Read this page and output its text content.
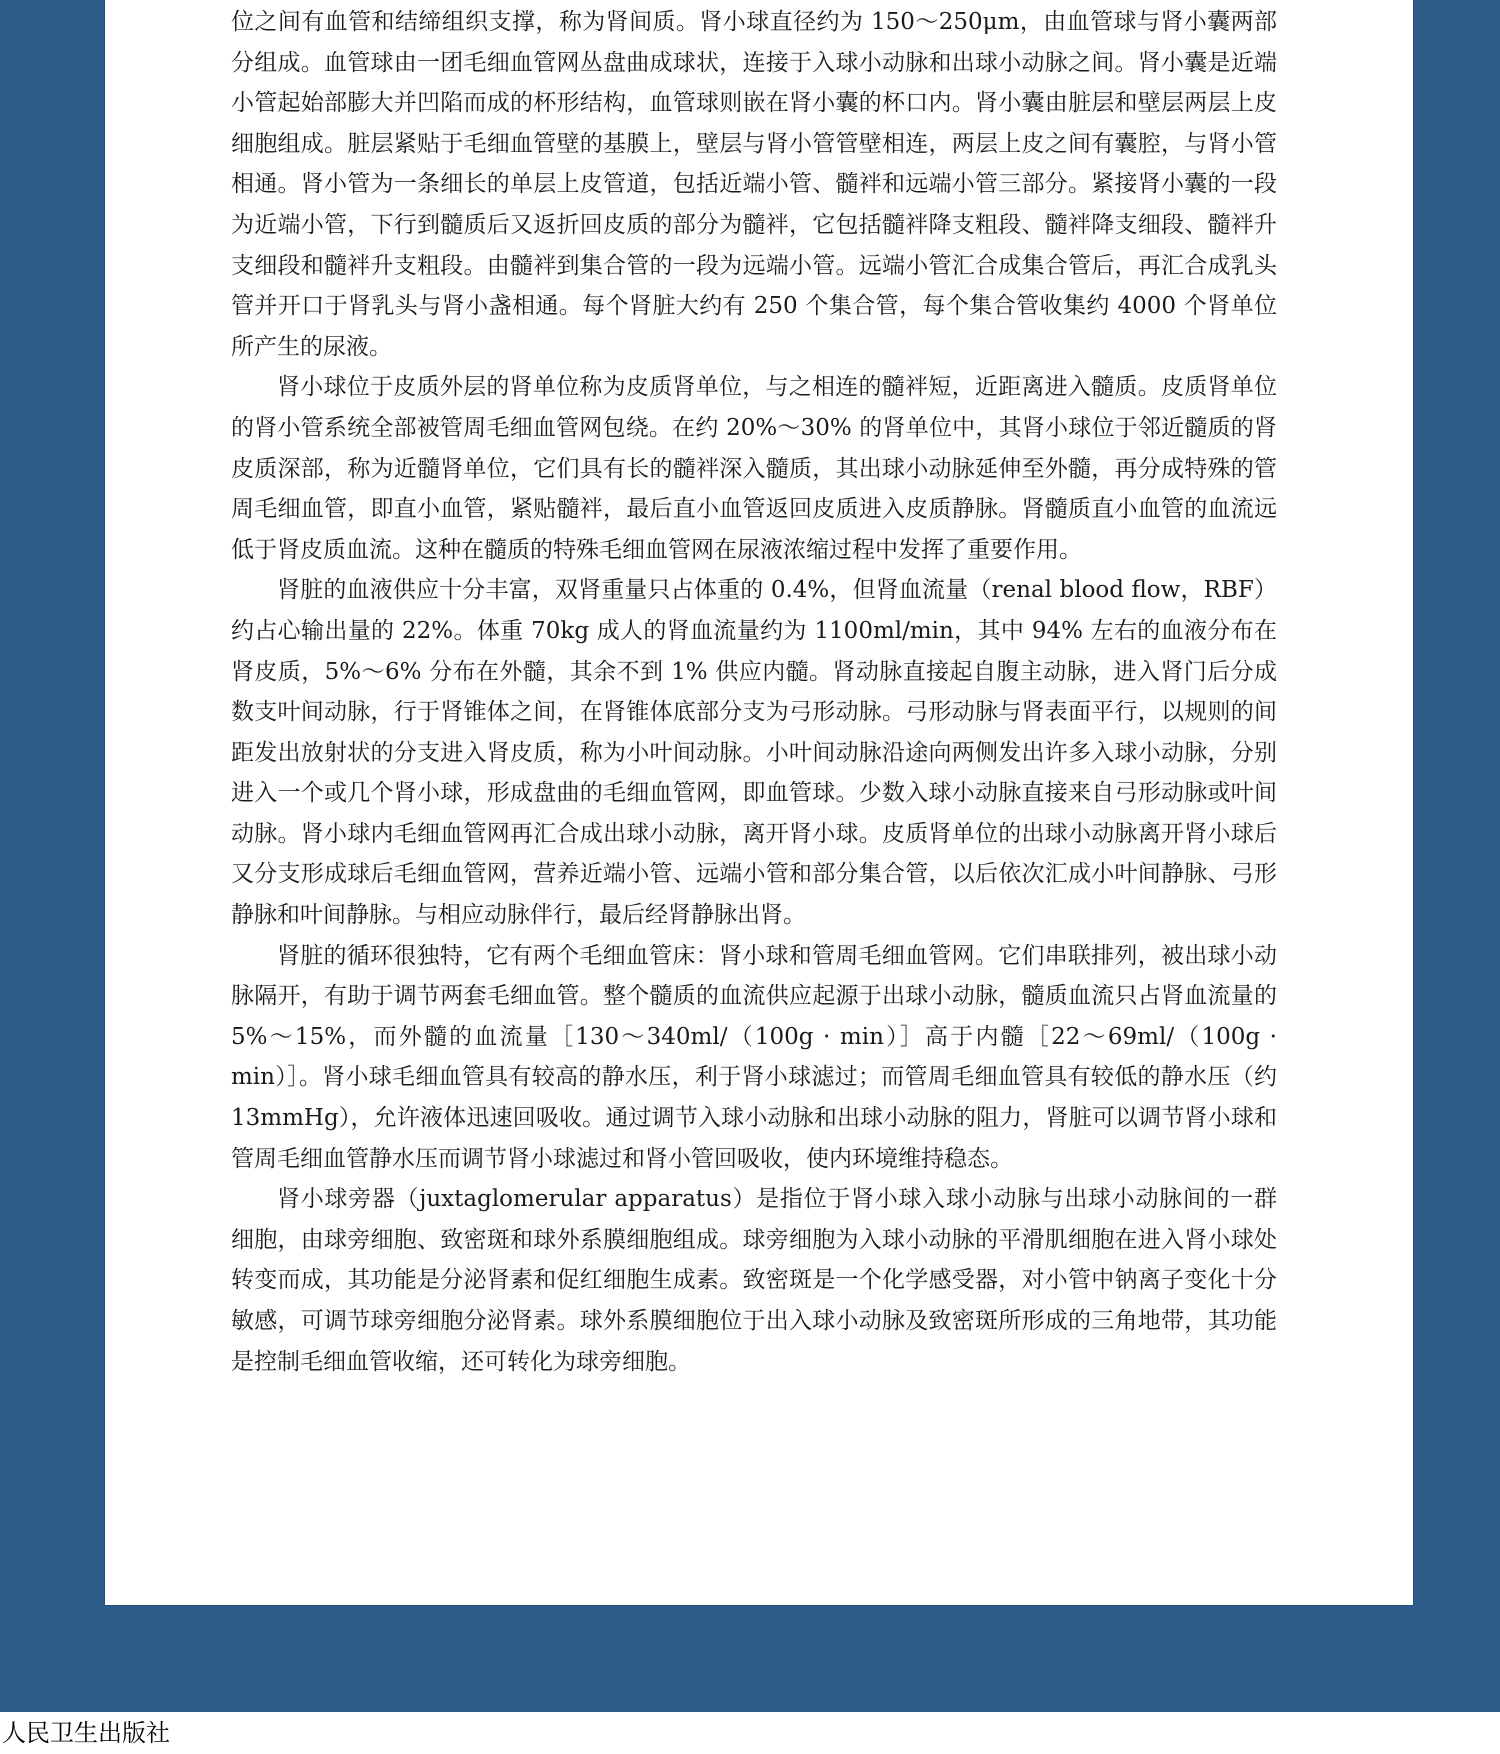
位之间有血管和结缔组织支撑，称为肾间质。肾小球直径约为 150～250μm，由血管球与肾小囊两部分组成。血管球由一团毛细血管网丛盘曲成球状，连接于入球小动脉和出球小动脉之间。肾小囊是近端小管起始部膨大并凹陷而成的杯形结构，血管球则嵌在肾小囊的杯口内。肾小囊由脏层和壁层两层上皮细胞组成。脏层紧贴于毛细血管壁的基膜上，壁层与肾小管管壁相连，两层上皮之间有囊腔，与肾小管相通。肾小管为一条细长的单层上皮管道，包括近端小管、髓袢和远端小管三部分。紧接肾小囊的一段为近端小管，下行到髓质后又返折回皮质的部分为髓袢，它包括髓袢降支粗段、髓袢降支细段、髓袢升支细段和髓袢升支粗段。由髓袢到集合管的一段为远端小管。远端小管汇合成集合管后，再汇合成乳头管并开口于肾乳头与肾小盏相通。每个肾脏大约有 250 个集合管，每个集合管收集约 4000 个肾单位所产生的尿液。

肾小球位于皮质外层的肾单位称为皮质肾单位，与之相连的髓袢短，近距离进入髓质。皮质肾单位的肾小管系统全部被管周毛细血管网包绕。在约 20%～30% 的肾单位中，其肾小球位于邻近髓质的肾皮质深部，称为近髓肾单位，它们具有长的髓袢深入髓质，其出球小动脉延伸至外髓，再分成特殊的管周毛细血管，即直小血管，紧贴髓袢，最后直小血管返回皮质进入皮质静脉。肾髓质直小血管的血流远低于肾皮质血流。这种在髓质的特殊毛细血管网在尿液浓缩过程中发挥了重要作用。

肾脏的血液供应十分丰富，双肾重量只占体重的 0.4%，但肾血流量（renal blood flow，RBF）约占心输出量的 22%。体重 70kg 成人的肾血流量约为 1100ml/min，其中 94% 左右的血液分布在肾皮质，5%～6% 分布在外髓，其余不到 1% 供应内髓。肾动脉直接起自腹主动脉，进入肾门后分成数支叶间动脉，行于肾锥体之间，在肾锥体底部分支为弓形动脉。弓形动脉与肾表面平行，以规则的间距发出放射状的分支进入肾皮质，称为小叶间动脉。小叶间动脉沿途向两侧发出许多入球小动脉，分别进入一个或几个肾小球，形成盘曲的毛细血管网，即血管球。少数入球小动脉直接来自弓形动脉或叶间动脉。肾小球内毛细血管网再汇合成出球小动脉，离开肾小球。皮质肾单位的出球小动脉离开肾小球后又分支形成球后毛细血管网，营养近端小管、远端小管和部分集合管，以后依次汇成小叶间静脉、弓形静脉和叶间静脉。与相应动脉伴行，最后经肾静脉出肾。

肾脏的循环很独特，它有两个毛细血管床：肾小球和管周毛细血管网。它们串联排列，被出球小动脉隔开，有助于调节两套毛细血管。整个髓质的血流供应起源于出球小动脉，髓质血流只占肾血流量的 5%～15%，而外髓的血流量［130～340ml/（100g · min）］高于内髓［22～69ml/（100g · min）］。肾小球毛细血管具有较高的静水压，利于肾小球滤过；而管周毛细血管具有较低的静水压（约 13mmHg），允许液体迅速回吸收。通过调节入球小动脉和出球小动脉的阻力，肾脏可以调节肾小球和管周毛细血管静水压而调节肾小球滤过和肾小管回吸收，使内环境维持稳态。

肾小球旁器（juxtaglomerular apparatus）是指位于肾小球入球小动脉与出球小动脉间的一群细胞，由球旁细胞、致密斑和球外系膜细胞组成。球旁细胞为入球小动脉的平滑肌细胞在进入肾小球处转变而成，其功能是分泌肾素和促红细胞生成素。致密斑是一个化学感受器，对小管中钠离子变化十分敏感，可调节球旁细胞分泌肾素。球外系膜细胞位于出入球小动脉及致密斑所形成的三角地带，其功能是控制毛细血管收缩，还可转化为球旁细胞。

人民卫生出版社
